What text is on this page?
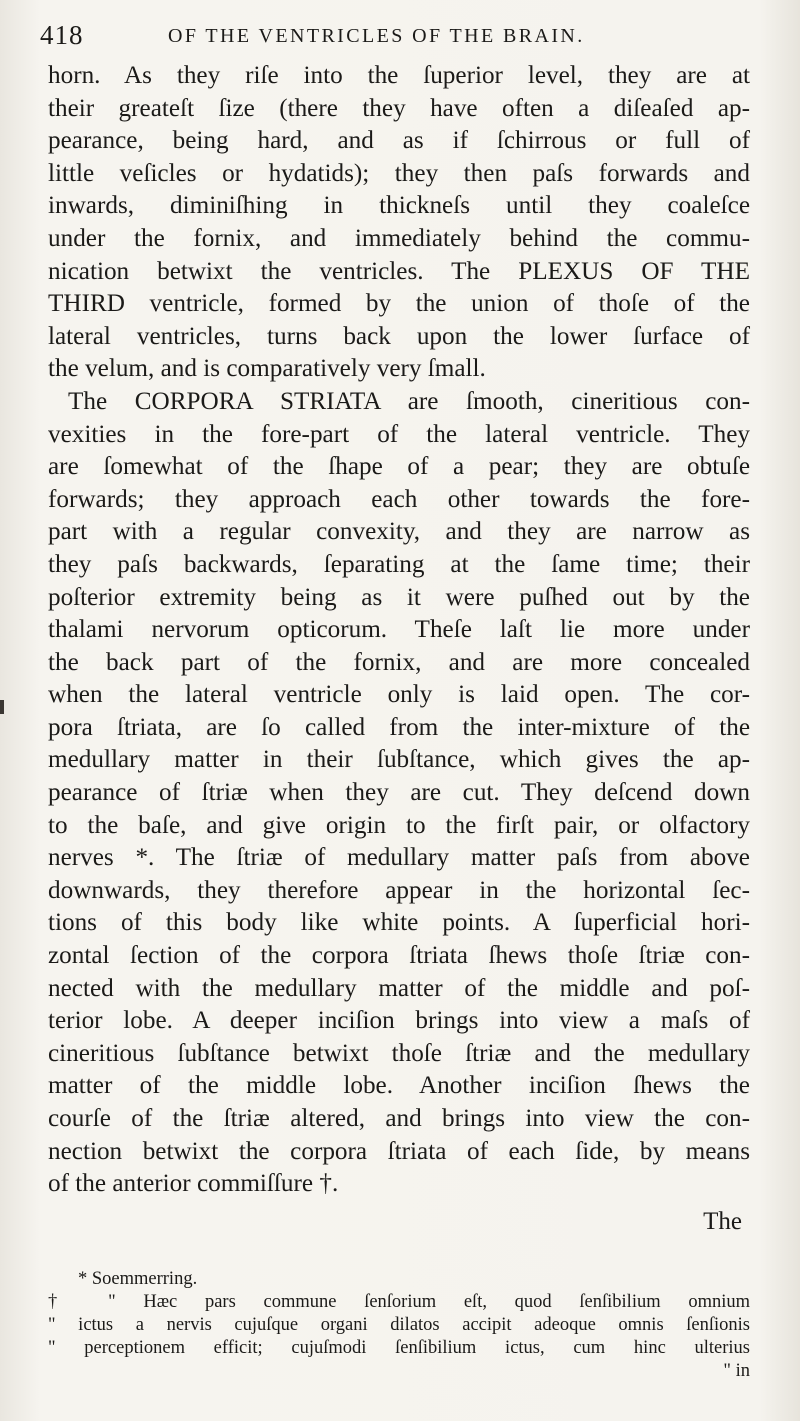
418	OF THE VENTRICLES OF THE BRAIN.
horn. As they riſe into the ſuperior level, they are at
their greateſt ſize (there they have often a diſeaſed ap-
pearance, being hard, and as if ſchirrous or full of
little veſicles or hydatids); they then paſs forwards and
inwards, diminiſhing in thickneſs until they coaleſce
under the fornix, and immediately behind the commu-
nication betwixt the ventricles. The PLEXUS OF THE
THIRD ventricle, formed by the union of thoſe of the
lateral ventricles, turns back upon the lower ſurface of
the velum, and is comparatively very ſmall.
The CORPORA STRIATA are ſmooth, cineritious con-
vexities in the fore-part of the lateral ventricle. They
are ſomewhat of the ſhape of a pear; they are obtuſe
forwards; they approach each other towards the fore-
part with a regular convexity, and they are narrow as
they paſs backwards, ſeparating at the ſame time; their
poſterior extremity being as it were puſhed out by the
thalami nervorum opticorum. Theſe laſt lie more under
the back part of the fornix, and are more concealed
when the lateral ventricle only is laid open. The cor-
pora ſtriata, are ſo called from the inter-mixture of the
medullary matter in their ſubſtance, which gives the ap-
pearance of ſtriæ when they are cut. They deſcend down
to the baſe, and give origin to the firſt pair, or olfactory
nerves *. The ſtriæ of medullary matter paſs from above
downwards, they therefore appear in the horizontal ſec-
tions of this body like white points. A ſuperficial hori-
zontal ſection of the corpora ſtriata ſhews thoſe ſtriæ con-
nected with the medullary matter of the middle and poſ-
terior lobe. A deeper inciſion brings into view a maſs of
cineritious ſubſtance betwixt thoſe ſtriæ and the medullary
matter of the middle lobe. Another inciſion ſhews the
courſe of the ſtriæ altered, and brings into view the con-
nection betwixt the corpora ſtriata of each ſide, by means
of the anterior commiſſure †.
The
* Soemmerring.
† " Hæc pars commune ſenſorium eſt, quod ſenſibilium omnium
" ictus a nervis cujuſque organi dilatos accipit adeoque omnis ſenſionis
" perceptionem efficit; cujuſmodi ſenſibilium ictus, cum hinc ulterius
" in
